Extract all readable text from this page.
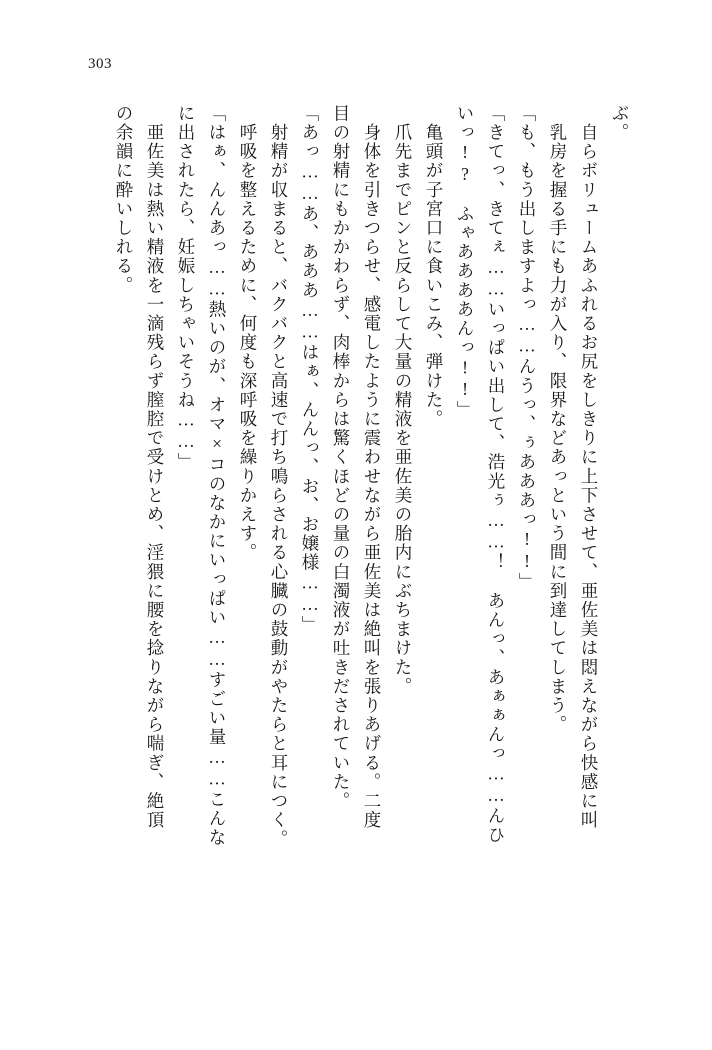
303

ぶ。

　自らボリュームあふれるお尻をしきりに上下させて、亜佐美は悶えながら快感に叫

　乳房を握る手にも力が入り、限界などあっという間に到達してしまう。

「も、もう出しますよっ……んうっ、ぅあああっ!!」

「きてっ、きてぇ……いっぱい出して、浩光ぅ……！　あんっ、あぁぁんっ……んひ

いっ!?　ふゃああああんっ!!」

　亀頭が子宮口に食いこみ、弾けた。

　爪先までピンと反らして大量の精液を亜佐美の胎内にぶちまけた。

　身体を引きつらせ、感電したように震わせながら亜佐美は絶叫を張りあげる。二度

目の射精にもかかわらず、肉棒からは驚くほどの量の白濁液が吐きだされていた。

「あっ……あ、あああ……はぁ、んんっ、お、お嬢様……」

　射精が収まると、バクバクと高速で打ち鳴らされる心臓の鼓動がやたらと耳につく。

　呼吸を整えるために、何度も深呼吸を繰りかえす。

「はぁ、んんあっ……熱いのが、オマ×コのなかにいっぱい……すごい量……こんな

に出されたら、妊娠しちゃいそうね……」

　亜佐美は熱い精液を一滴残らず膣腔で受けとめ、淫猥に腰を捻りながら喘ぎ、絶頂

の余韻に酔いしれる。
